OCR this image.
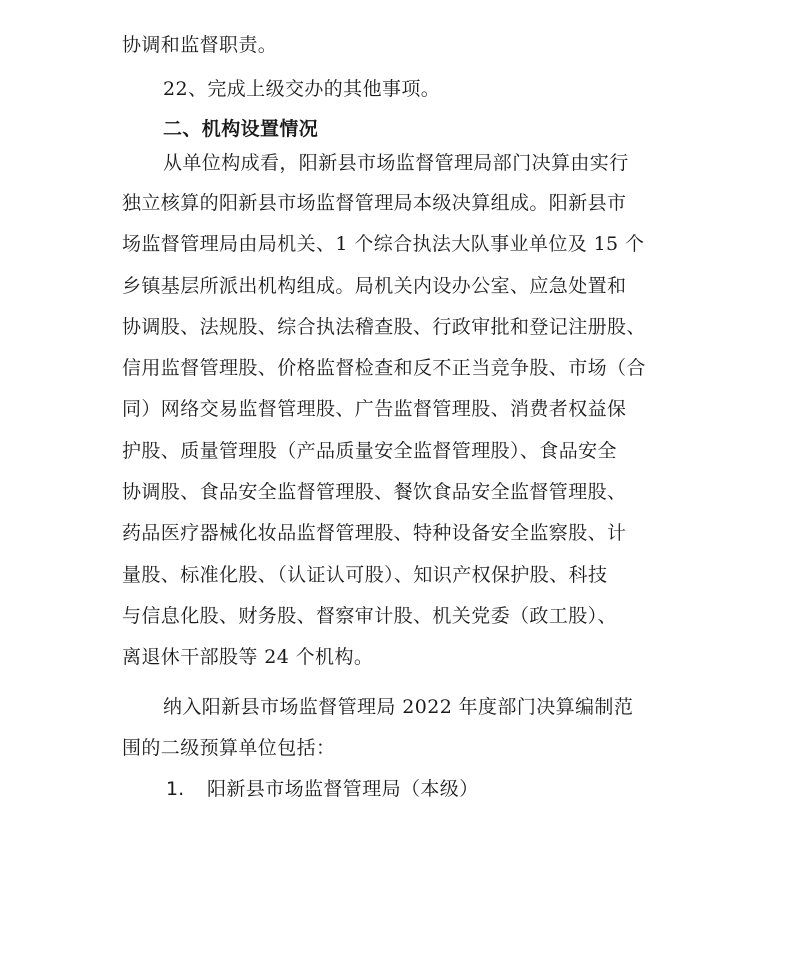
协调和监督职责。
22、完成上级交办的其他事项。
二、机构设置情况
从单位构成看，阳新县市场监督管理局部门决算由实行
独立核算的阳新县市场监督管理局本级决算组成。阳新县市
场监督管理局由局机关、1 个综合执法大队事业单位及 15 个
乡镇基层所派出机构组成。局机关内设办公室、应急处置和
协调股、法规股、综合执法稽查股、行政审批和登记注册股、
信用监督管理股、价格监督检查和反不正当竞争股、市场（合
同）网络交易监督管理股、广告监督管理股、消费者权益保
护股、质量管理股（产品质量安全监督管理股）、食品安全
协调股、食品安全监督管理股、餐饮食品安全监督管理股、
药品医疗器械化妆品监督管理股、特种设备安全监察股、计
量股、标准化股、（认证认可股）、知识产权保护股、科技
与信息化股、财务股、督察审计股、机关党委（政工股）、
离退休干部股等 24 个机构。
纳入阳新县市场监督管理局 2022 年度部门决算编制范
围的二级预算单位包括：
1. 阳新县市场监督管理局（本级）
